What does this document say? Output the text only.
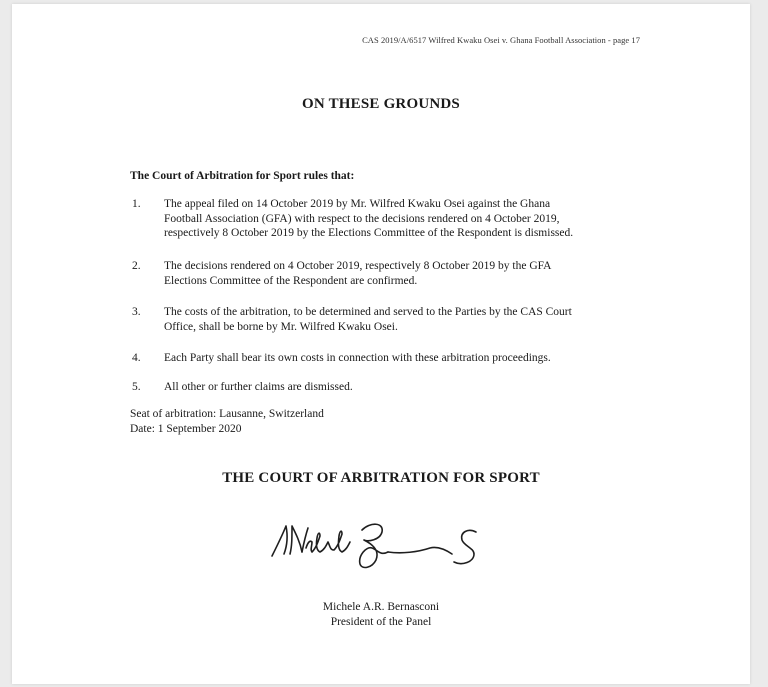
CAS 2019/A/6517 Wilfred Kwaku Osei v. Ghana Football Association - page 17
ON THESE GROUNDS
The Court of Arbitration for Sport rules that:
1. The appeal filed on 14 October 2019 by Mr. Wilfred Kwaku Osei against the Ghana
Football Association (GFA) with respect to the decisions rendered on 4 October 2019,
respectively 8 October 2019 by the Elections Committee of the Respondent is dismissed.
2. The decisions rendered on 4 October 2019, respectively 8 October 2019 by the GFA
Elections Committee of the Respondent are confirmed.
3. The costs of the arbitration, to be determined and served to the Parties by the CAS Court
Office, shall be borne by Mr. Wilfred Kwaku Osei.
4. Each Party shall bear its own costs in connection with these arbitration proceedings.
5. All other or further claims are dismissed.
Seat of arbitration: Lausanne, Switzerland
Date: 1 September 2020
THE COURT OF ARBITRATION FOR SPORT
Michele A.R. Bernasconi
President of the Panel
